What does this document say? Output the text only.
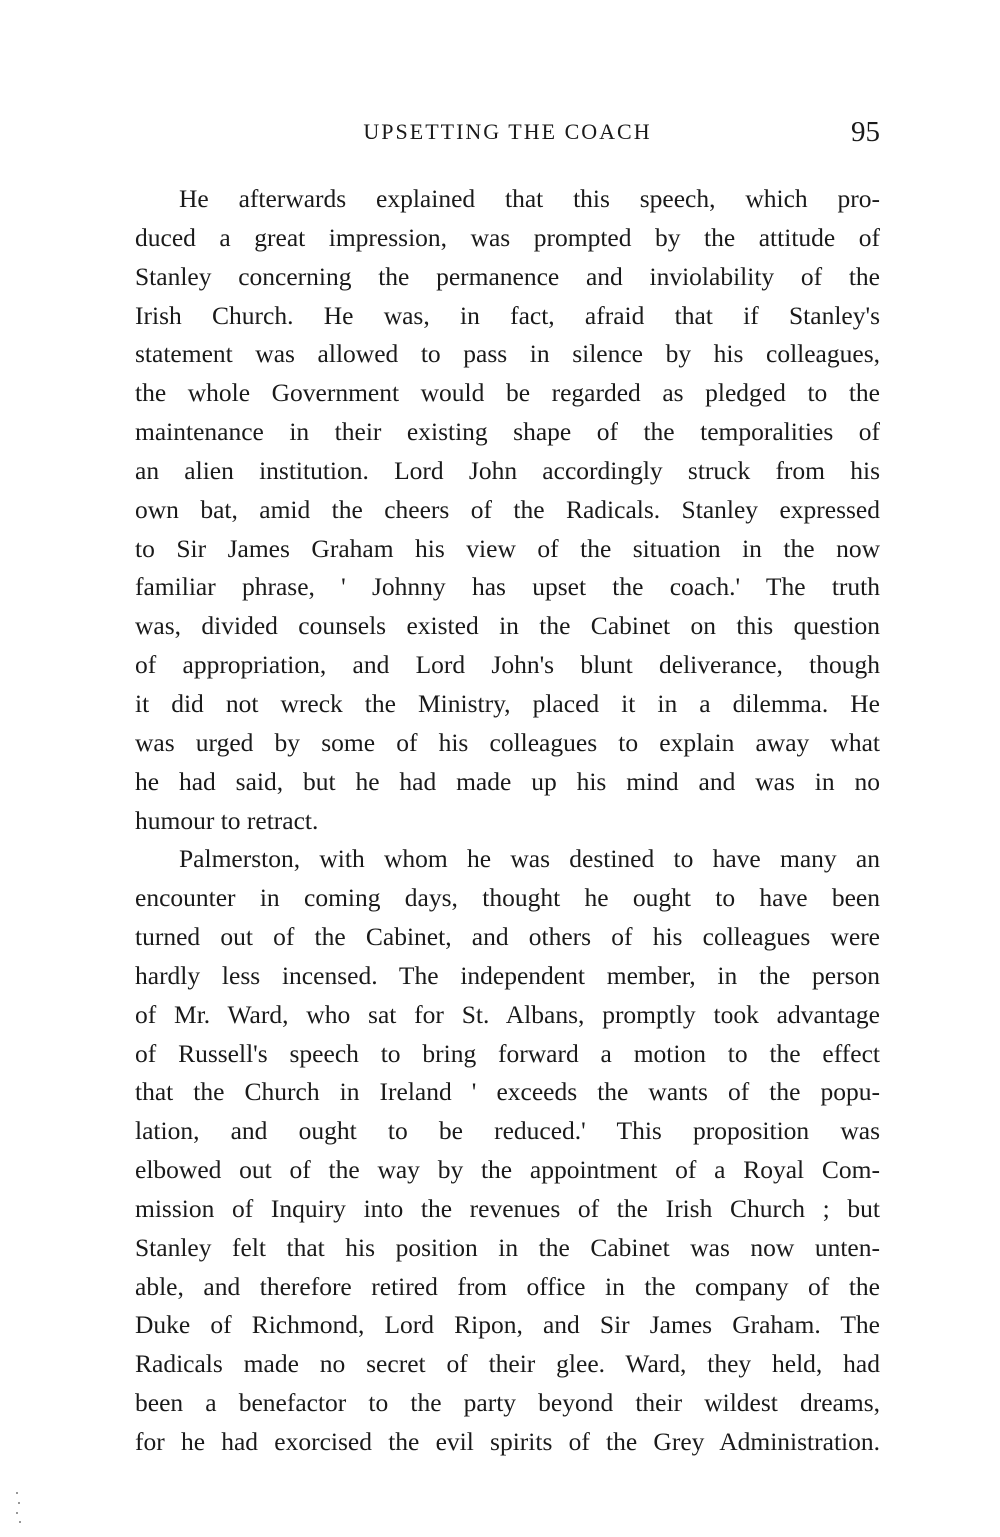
UPSETTING THE COACH	95
He afterwards explained that this speech, which pro-
duced a great impression, was prompted by the attitude of
Stanley concerning the permanence and inviolability of the
Irish Church. He was, in fact, afraid that if Stanley's
statement was allowed to pass in silence by his colleagues,
the whole Government would be regarded as pledged to the
maintenance in their existing shape of the temporalities of
an alien institution. Lord John accordingly struck from his
own bat, amid the cheers of the Radicals. Stanley expressed
to Sir James Graham his view of the situation in the now
familiar phrase, ' Johnny has upset the coach.' The truth
was, divided counsels existed in the Cabinet on this question
of appropriation, and Lord John's blunt deliverance, though
it did not wreck the Ministry, placed it in a dilemma. He
was urged by some of his colleagues to explain away what
he had said, but he had made up his mind and was in no
humour to retract.
Palmerston, with whom he was destined to have many an
encounter in coming days, thought he ought to have been
turned out of the Cabinet, and others of his colleagues were
hardly less incensed. The independent member, in the person
of Mr. Ward, who sat for St. Albans, promptly took advantage
of Russell's speech to bring forward a motion to the effect
that the Church in Ireland ' exceeds the wants of the popu-
lation, and ought to be reduced.' This proposition was
elbowed out of the way by the appointment of a Royal Com-
mission of Inquiry into the revenues of the Irish Church ; but
Stanley felt that his position in the Cabinet was now unten-
able, and therefore retired from office in the company of the
Duke of Richmond, Lord Ripon, and Sir James Graham. The
Radicals made no secret of their glee. Ward, they held, had
been a benefactor to the party beyond their wildest dreams,
for he had exorcised the evil spirits of the Grey Administration.
